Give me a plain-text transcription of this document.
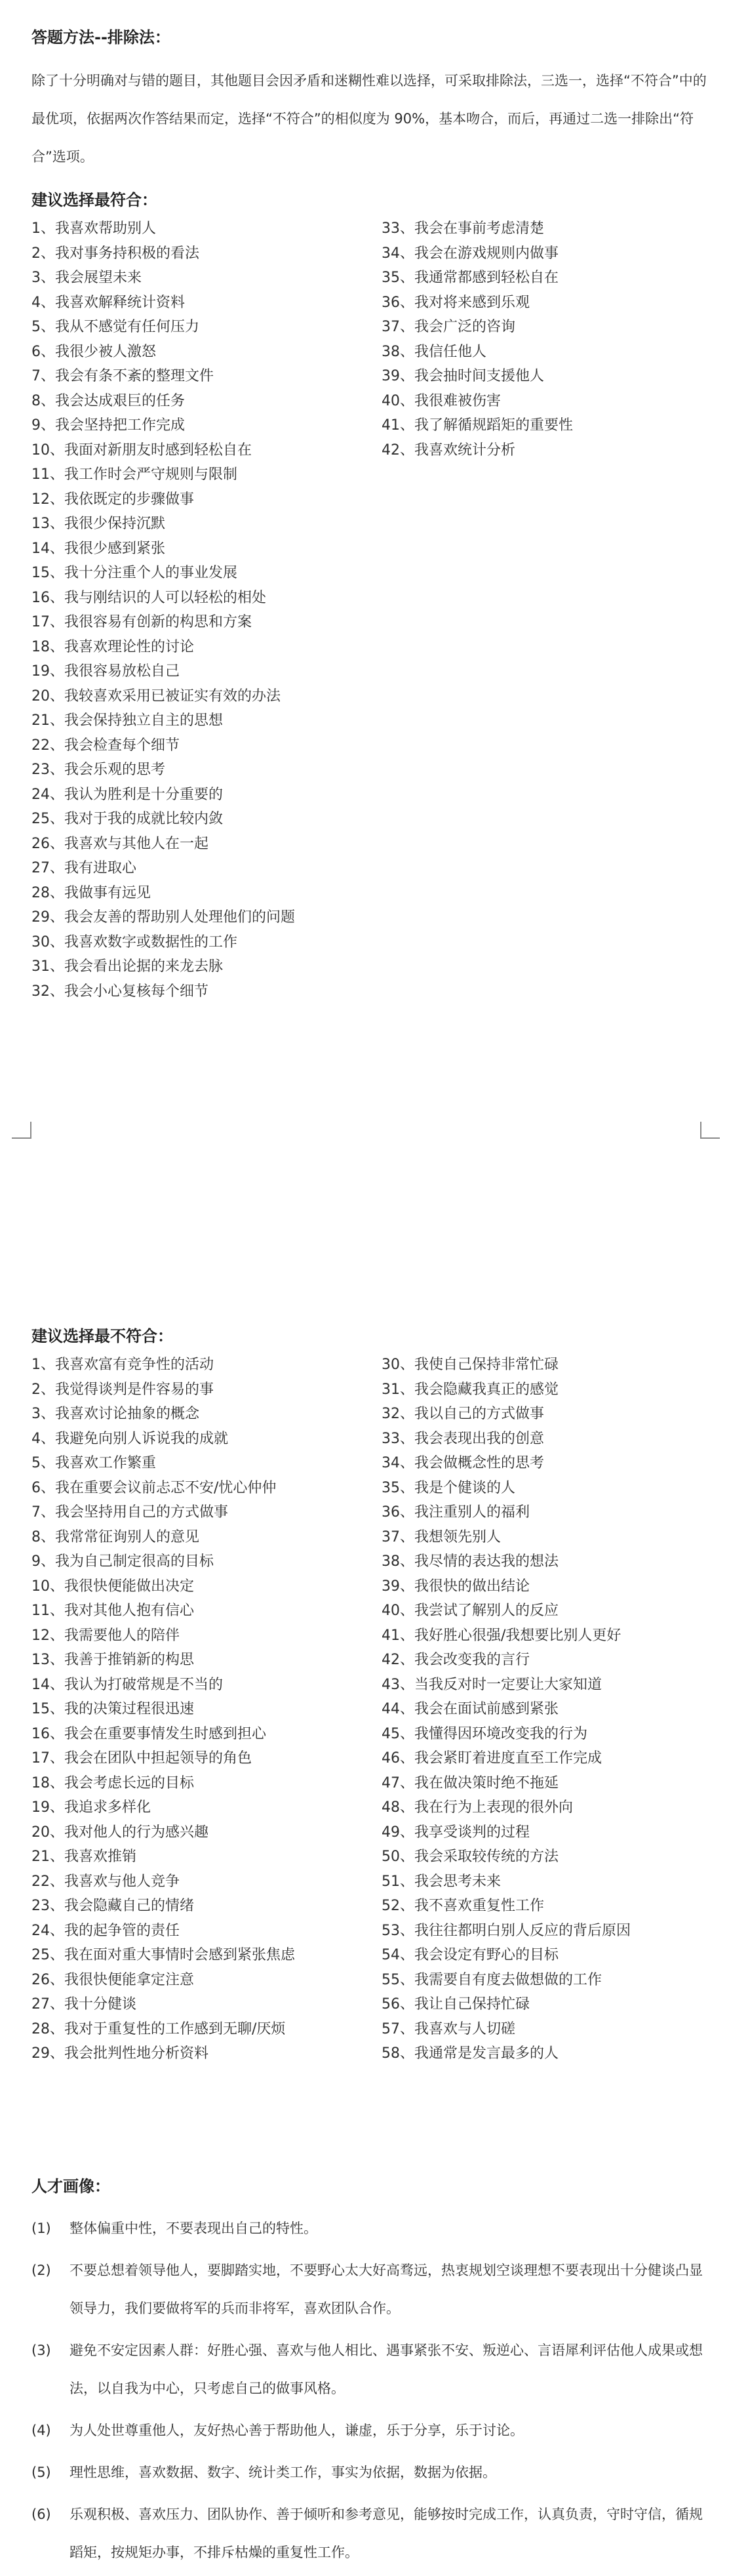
答题方法--排除法：

除了十分明确对与错的题目，其他题目会因矛盾和迷糊性难以选择，可采取排除法，三选一，选择“不符合”中的最优项，依据两次作答结果而定，选择“不符合”的相似度为 90%，基本吻合，而后，再通过二选一排除出“符合”选项。

建议选择最符合：
1、我喜欢帮助别人
2、我对事务持积极的看法
3、我会展望未来
4、我喜欢解释统计资料
5、我从不感觉有任何压力
6、我很少被人激怒
7、我会有条不紊的整理文件
8、我会达成艰巨的任务
9、我会坚持把工作完成
10、我面对新朋友时感到轻松自在
11、我工作时会严守规则与限制
12、我依既定的步骤做事
13、我很少保持沉默
14、我很少感到紧张
15、我十分注重个人的事业发展
16、我与刚结识的人可以轻松的相处
17、我很容易有创新的构思和方案
18、我喜欢理论性的讨论
19、我很容易放松自己
20、我较喜欢采用已被证实有效的办法
21、我会保持独立自主的思想
22、我会检查每个细节
23、我会乐观的思考
24、我认为胜利是十分重要的
25、我对于我的成就比较内敛
26、我喜欢与其他人在一起
27、我有进取心
28、我做事有远见
29、我会友善的帮助别人处理他们的问题
30、我喜欢数字或数据性的工作
31、我会看出论据的来龙去脉
32、我会小心复核每个细节
33、我会在事前考虑清楚
34、我会在游戏规则内做事
35、我通常都感到轻松自在
36、我对将来感到乐观
37、我会广泛的咨询
38、我信任他人
39、我会抽时间支援他人
40、我很难被伤害
41、我了解循规蹈矩的重要性
42、我喜欢统计分析
建议选择最不符合：
1、我喜欢富有竞争性的活动
2、我觉得谈判是件容易的事
3、我喜欢讨论抽象的概念
4、我避免向别人诉说我的成就
5、我喜欢工作繁重
6、我在重要会议前忐忑不安/忧心仲仲
7、我会坚持用自己的方式做事
8、我常常征询别人的意见
9、我为自己制定很高的目标
10、我很快便能做出决定
11、我对其他人抱有信心
12、我需要他人的陪伴
13、我善于推销新的构思
14、我认为打破常规是不当的
15、我的决策过程很迅速
16、我会在重要事情发生时感到担心
17、我会在团队中担起领导的角色
18、我会考虑长远的目标
19、我追求多样化
20、我对他人的行为感兴趣
21、我喜欢推销
22、我喜欢与他人竞争
23、我会隐藏自己的情绪
24、我的起争管的责任
25、我在面对重大事情时会感到紧张焦虑
26、我很快便能拿定注意
27、我十分健谈
28、我对于重复性的工作感到无聊/厌烦
29、我会批判性地分析资料
30、我使自己保持非常忙碌
31、我会隐藏我真正的感觉
32、我以自己的方式做事
33、我会表现出我的创意
34、我会做概念性的思考
35、我是个健谈的人
36、我注重别人的福利
37、我想领先别人
38、我尽情的表达我的想法
39、我很快的做出结论
40、我尝试了解别人的反应
41、我好胜心很强/我想要比别人更好
42、我会改变我的言行
43、当我反对时一定要让大家知道
44、我会在面试前感到紧张
45、我懂得因环境改变我的行为
46、我会紧盯着进度直至工作完成
47、我在做决策时绝不拖延
48、我在行为上表现的很外向
49、我享受谈判的过程
50、我会采取较传统的方法
51、我会思考未来
52、我不喜欢重复性工作
53、我往往都明白别人反应的背后原因
54、我会设定有野心的目标
55、我需要自有度去做想做的工作
56、我让自己保持忙碌
57、我喜欢与人切磋
58、我通常是发言最多的人
人才画像：
(1) 整体偏重中性，不要表现出自己的特性。
(2) 不要总想着领导他人，要脚踏实地，不要野心太大好高骛远，热衷规划空谈理想不要表现出十分健谈凸显领导力，我们要做将军的兵而非将军，喜欢团队合作。
(3) 避免不安定因素人群：好胜心强、喜欢与他人相比、遇事紧张不安、叛逆心、言语犀利评估他人成果或想法，以自我为中心，只考虑自己的做事风格。
(4) 为人处世尊重他人，友好热心善于帮助他人，谦虚，乐于分享，乐于讨论。
(5) 理性思维，喜欢数据、数字、统计类工作，事实为依据，数据为依据。
(6) 乐观积极、喜欢压力、团队协作、善于倾听和参考意见，能够按时完成工作，认真负责，守时守信，循规蹈矩，按规矩办事，不排斥枯燥的重复性工作。
